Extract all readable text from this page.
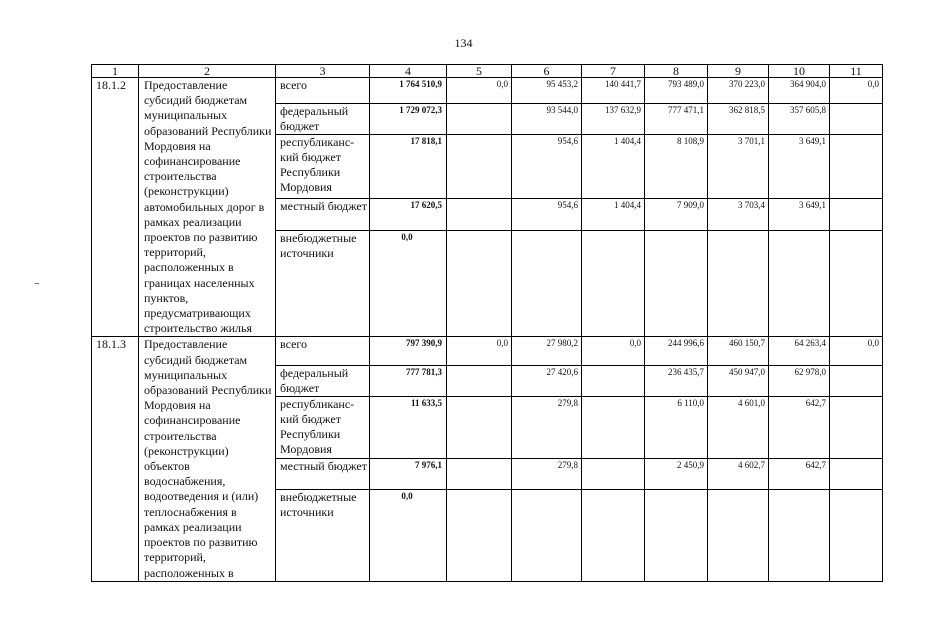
134
1	2	3	4	5	6	7	8	9	10	11
18.1.2	Предоставление субсидий бюджетам муниципальных образований Республики Мордовия на софинансирование строительства (реконструкции) автомобильных дорог в рамках реализации проектов по развитию территорий, расположенных в границах населенных пунктов, предусматривающих строительство жилья	всего	1 764 510,9	0,0	95 453,2	140 441,7	793 489,0	370 223,0	364 904,0	0,0
		федеральный бюджет	1 729 072,3		93 544,0	137 632,9	777 471,1	362 818,5	357 605,8	
		республиканс-кий бюджет Республики Мордовия	17 818,1		954,6	1 404,4	8 108,9	3 701,1	3 649,1	
		местный бюджет	17 620,5		954,6	1 404,4	7 909,0	3 703,4	3 649,1	
		внебюджетные источники	0,0							
18.1.3	Предоставление субсидий бюджетам муниципальных образований Республики Мордовия на софинансирование строительства (реконструкции) объектов водоснабжения, водоотведения и (или) теплоснабжения в рамках реализации проектов по развитию территорий, расположенных в	всего	797 390,9	0,0	27 980,2	0,0	244 996,6	460 150,7	64 263,4	0,0
		федеральный бюджет	777 781,3		27 420,6		236 435,7	450 947,0	62 978,0	
		республиканс-кий бюджет Республики Мордовия	11 633,5		279,8		6 110,0	4 601,0	642,7	
		местный бюджет	7 976,1		279,8		2 450,9	4 602,7	642,7	
		внебюджетные источники	0,0							
